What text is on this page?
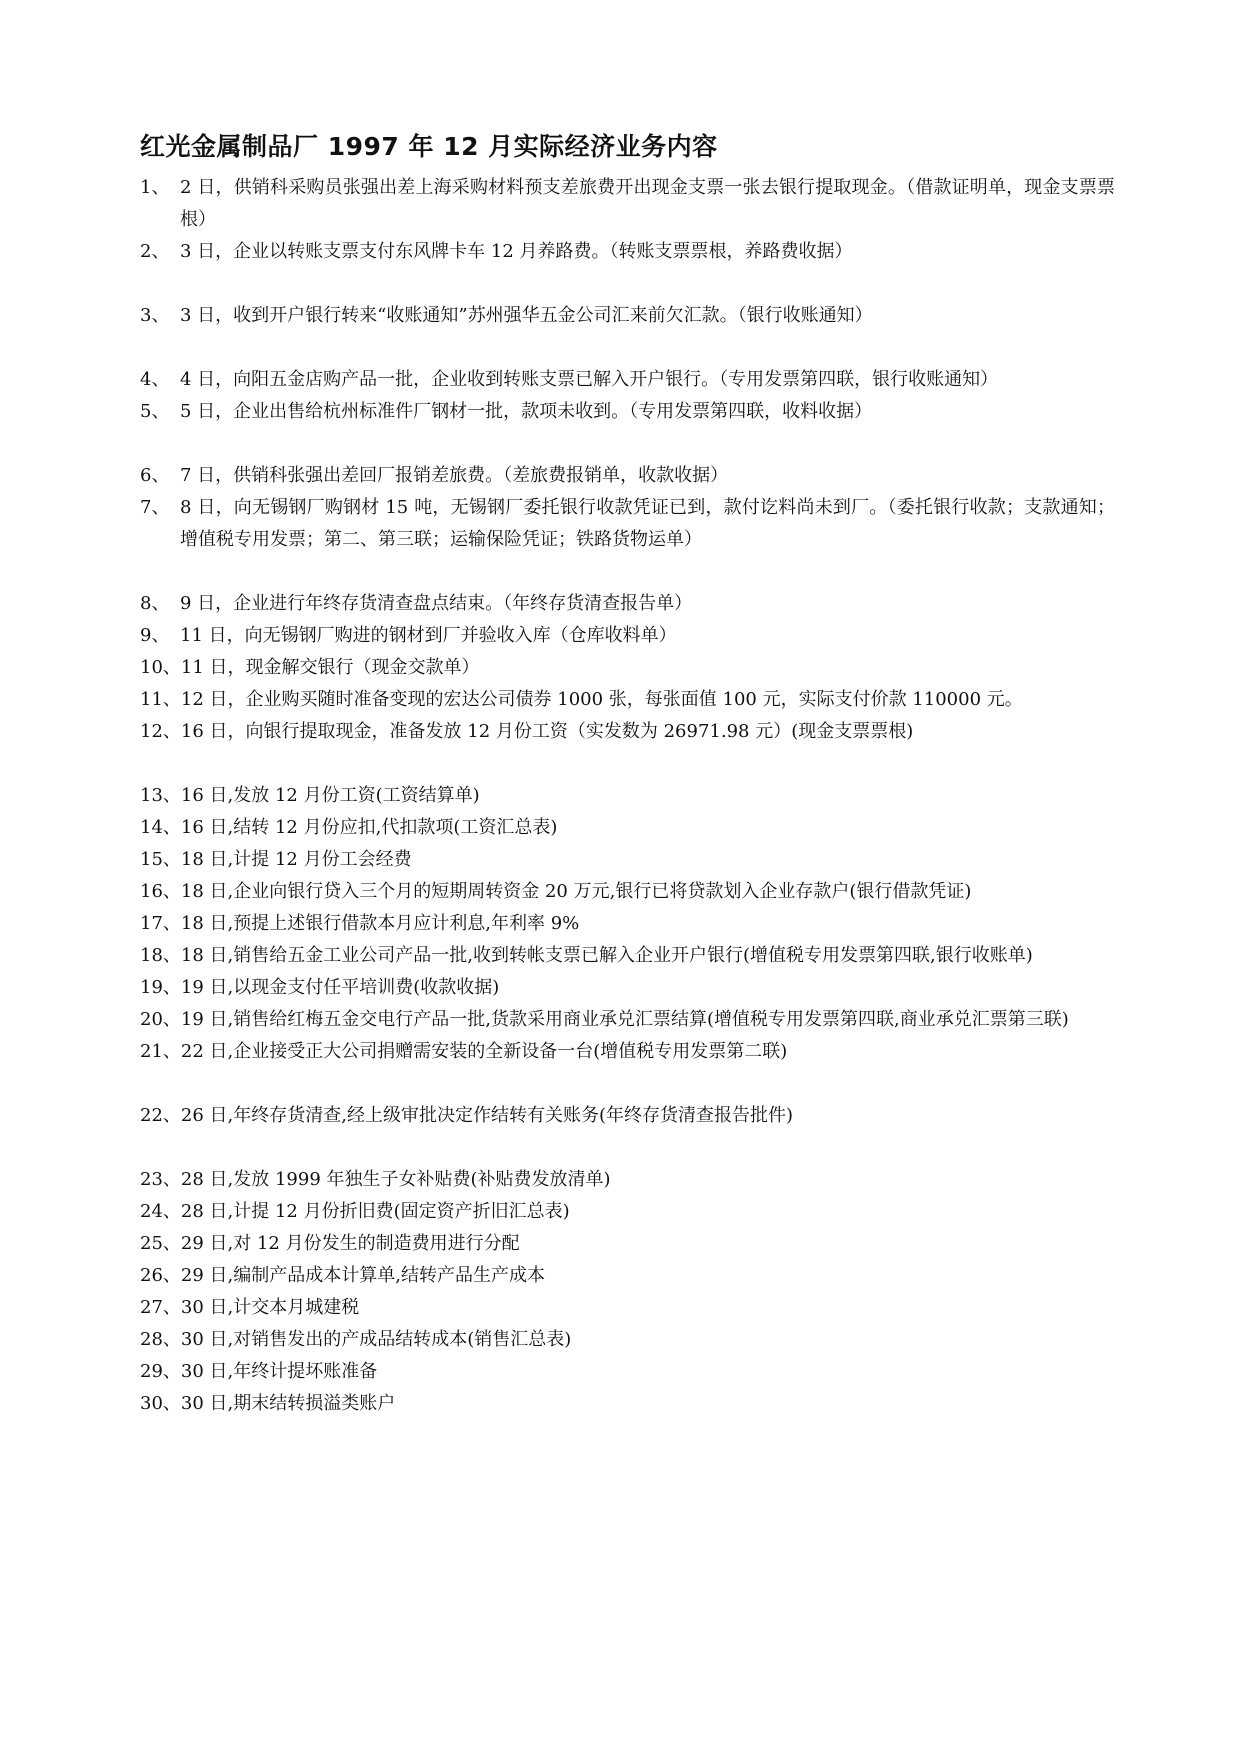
红光金属制品厂 1997 年 12 月实际经济业务内容
1、 2 日，供销科采购员张强出差上海采购材料预支差旅费开出现金支票一张去银行提取现金。（借款证明单，现金支票票根）
2、 3 日，企业以转账支票支付东风牌卡车 12 月养路费。（转账支票票根，养路费收据）
3、 3 日，收到开户银行转来“收账通知”苏州强华五金公司汇来前欠汇款。（银行收账通知）
4、 4 日，向阳五金店购产品一批，企业收到转账支票已解入开户银行。（专用发票第四联，银行收账通知）
5、 5 日，企业出售给杭州标准件厂钢材一批，款项未收到。（专用发票第四联，收料收据）
6、 7 日，供销科张强出差回厂报销差旅费。（差旅费报销单，收款收据）
7、 8 日，向无锡钢厂购钢材 15 吨，无锡钢厂委托银行收款凭证已到，款付讫料尚未到厂。（委托银行收款；支款通知；增值税专用发票；第二、第三联；运输保险凭证；铁路货物运单）
8、 9 日，企业进行年终存货清查盘点结束。（年终存货清查报告单）
9、 11 日，向无锡钢厂购进的钢材到厂并验收入库（仓库收料单）
10、 11 日，现金解交银行（现金交款单）
11、12 日，企业购买随时准备变现的宏达公司债券 1000 张，每张面值 100 元，实际支付价款 110000 元。
12、 16 日，向银行提取现金，准备发放 12 月份工资（实发数为 26971.98 元）(现金支票票根)
13、 16 日,发放 12 月份工资(工资结算单)
14、 16 日,结转 12 月份应扣,代扣款项(工资汇总表)
15、 18 日,计提 12 月份工会经费
16、 18 日,企业向银行贷入三个月的短期周转资金 20 万元,银行已将贷款划入企业存款户(银行借款凭证)
17、 18 日,预提上述银行借款本月应计利息,年利率 9%
18、 18 日,销售给五金工业公司产品一批,收到转帐支票已解入企业开户银行(增值税专用发票第四联,银行收账单)
19、 19 日,以现金支付任平培训费(收款收据)
20、 19 日,销售给红梅五金交电行产品一批,货款采用商业承兑汇票结算(增值税专用发票第四联,商业承兑汇票第三联)
21、 22 日,企业接受正大公司捐赠需安装的全新设备一台(增值税专用发票第二联)
22、 26 日,年终存货清查,经上级审批决定作结转有关账务(年终存货清查报告批件)
23、 28 日,发放 1999 年独生子女补贴费(补贴费发放清单)
24、 28 日,计提 12 月份折旧费(固定资产折旧汇总表)
25、 29 日,对 12 月份发生的制造费用进行分配
26、 29 日,编制产品成本计算单,结转产品生产成本
27、 30 日,计交本月城建税
28、 30 日,对销售发出的产成品结转成本(销售汇总表)
29、 30 日,年终计提坏账准备
30、 30 日,期末结转损溢类账户
